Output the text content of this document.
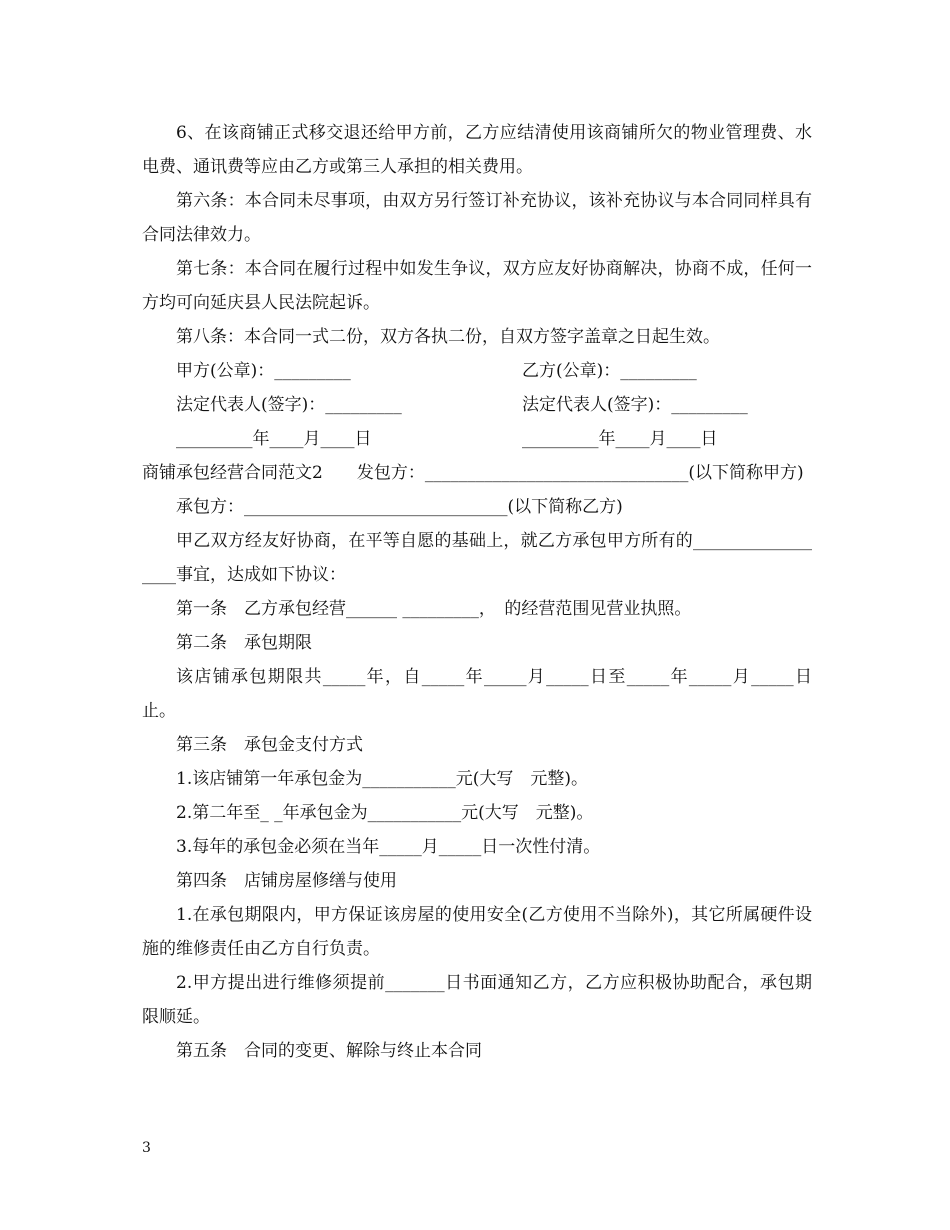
6、在该商铺正式移交退还给甲方前，乙方应结清使用该商铺所欠的物业管理费、水电费、通讯费等应由乙方或第三人承担的相关费用。

第六条：本合同未尽事项，由双方另行签订补充协议，该补充协议与本合同同样具有合同法律效力。

第七条：本合同在履行过程中如发生争议，双方应友好协商解决，协商不成，任何一方均可向延庆县人民法院起诉。

第八条：本合同一式二份，双方各执二份，自双方签字盖章之日起生效。

甲方(公章)：_________	乙方(公章)：_________
法定代表人(签字)：_________	法定代表人(签字)：_________
_________年____月____日	_________年____月____日

商铺承包经营合同范文2　　发包方：_______________________________(以下简称甲方)

承包方：_______________________________(以下简称乙方)

甲乙双方经友好协商，在平等自愿的基础上，就乙方承包甲方所有的__________________事宜，达成如下协议：

第一条　乙方承包经营______ _________，　的经营范围见营业执照。

第二条　承包期限

该店铺承包期限共_____年，自_____年_____月_____日至_____年_____月_____日止。

第三条　承包金支付方式

1.该店铺第一年承包金为___________元(大写　元整)。

2.第二年至_ _年承包金为___________元(大写　元整)。

3.每年的承包金必须在当年_____月_____日一次性付清。

第四条　店铺房屋修缮与使用

1.在承包期限内，甲方保证该房屋的使用安全(乙方使用不当除外)，其它所属硬件设施的维修责任由乙方自行负责。

2.甲方提出进行维修须提前_______日书面通知乙方，乙方应积极协助配合，承包期限顺延。

第五条　合同的变更、解除与终止本合同

3
